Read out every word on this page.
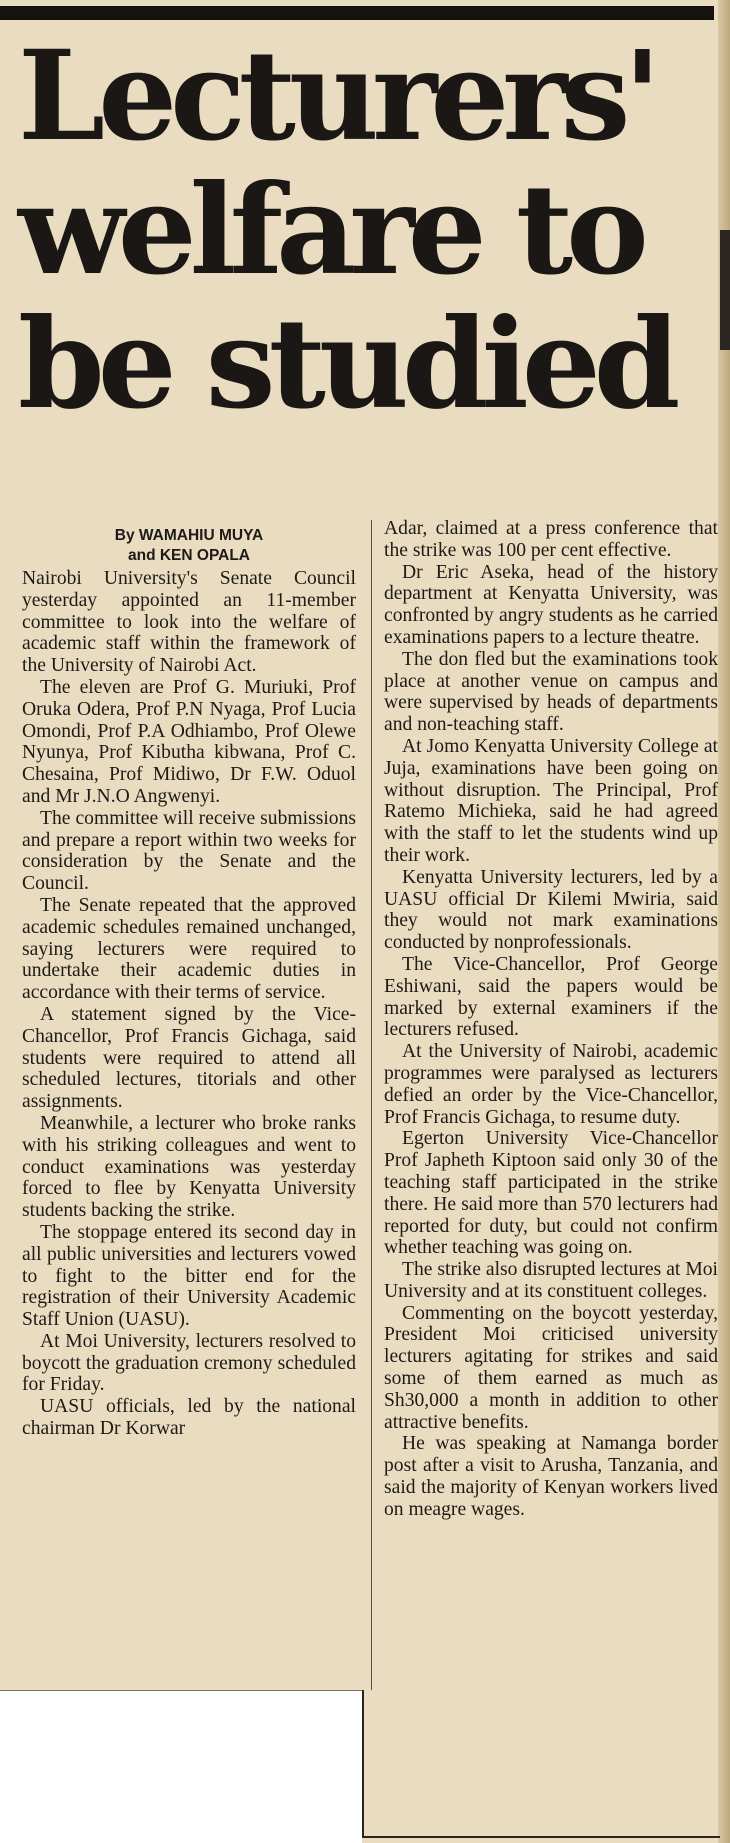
Lecturers'
welfare to
be studied
By WAMAHIU MUYA
and KEN OPALA

Nairobi University's Senate Council yesterday appointed an 11-member committee to look into the welfare of academic staff within the framework of the University of Nairobi Act.

The eleven are Prof G. Muriuki, Prof Oruka Odera, Prof P.N Nyaga, Prof Lucia Omondi, Prof P.A Odhiambo, Prof Olewe Nyunya, Prof Kibutha kibwana, Prof C. Chesaina, Prof Midiwo, Dr F.W. Oduol and Mr J.N.O Angwenyi.

The committee will receive submissions and prepare a report within two weeks for consideration by the Senate and the Council.

The Senate repeated that the approved academic schedules remained unchanged, saying lecturers were required to undertake their academic duties in accordance with their terms of service.

A statement signed by the Vice-Chancellor, Prof Francis Gichaga, said students were required to attend all scheduled lectures, titorials and other assignments.

Meanwhile, a lecturer who broke ranks with his striking colleagues and went to conduct examinations was yesterday forced to flee by Kenyatta University students backing the strike.

The stoppage entered its second day in all public universities and lecturers vowed to fight to the bitter end for the registration of their University Academic Staff Union (UASU).

At Moi University, lecturers resolved to boycott the graduation cremony scheduled for Friday.

UASU officials, led by the national chairman Dr Korwar

Adar, claimed at a press conference that the strike was 100 per cent effective.

Dr Eric Aseka, head of the history department at Kenyatta University, was confronted by angry students as he carried examinations papers to a lecture theatre.

The don fled but the examinations took place at another venue on campus and were supervised by heads of departments and non-teaching staff.

At Jomo Kenyatta University College at Juja, examinations have been going on without disruption. The Principal, Prof Ratemo Michieka, said he had agreed with the staff to let the students wind up their work.

Kenyatta University lecturers, led by a UASU official Dr Kilemi Mwiria, said they would not mark examinations conducted by nonprofessionals.

The Vice-Chancellor, Prof George Eshiwani, said the papers would be marked by external examiners if the lecturers refused.

At the University of Nairobi, academic programmes were paralysed as lecturers defied an order by the Vice-Chancellor, Prof Francis Gichaga, to resume duty.

Egerton University Vice-Chancellor Prof Japheth Kiptoon said only 30 of the teaching staff participated in the strike there. He said more than 570 lecturers had reported for duty, but could not confirm whether teaching was going on.

The strike also disrupted lectures at Moi University and at its constituent colleges.

Commenting on the boycott yesterday, President Moi criticised university lecturers agitating for strikes and said some of them earned as much as Sh30,000 a month in addition to other attractive benefits.

He was speaking at Namanga border post after a visit to Arusha, Tanzania, and said the majority of Kenyan workers lived on meagre wages.
